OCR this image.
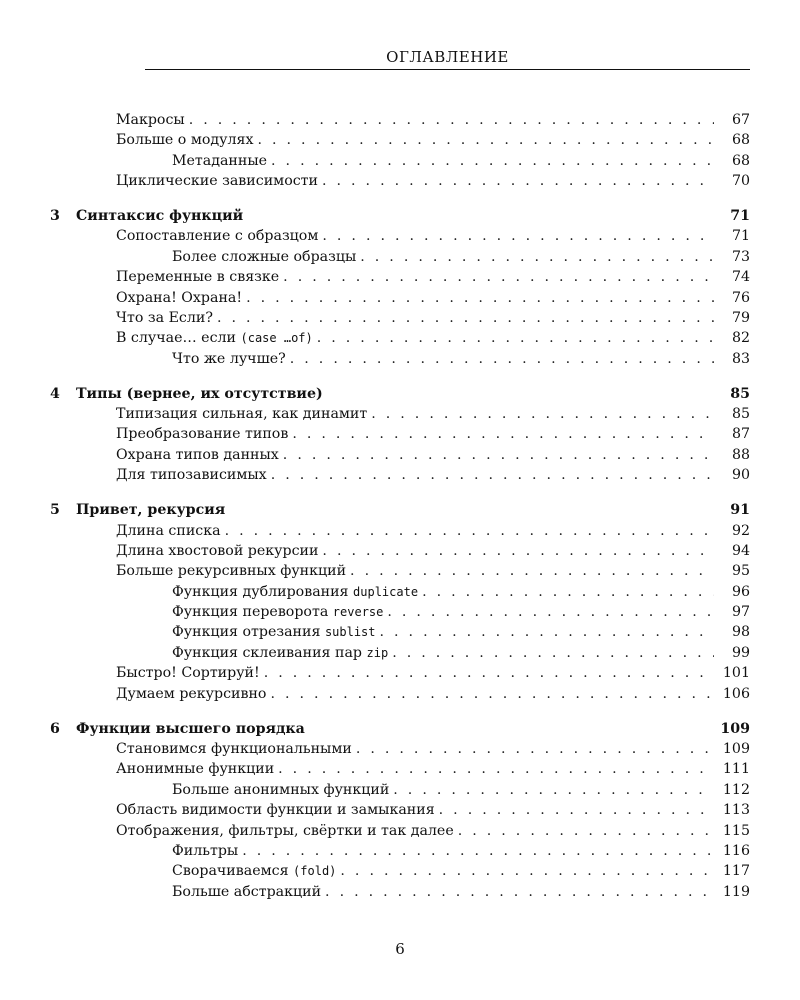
ОГЛАВЛЕНИЕ
Макросы . . .	67
Больше о модулях . . .	68
Метаданные . . .	68
Циклические зависимости . . .	70
3	Синтаксис функций	71
Сопоставление с образцом . . .	71
Более сложные образцы . . .	73
Переменные в связке . . .	74
Охрана! Охрана! . . .	76
Что за Если? . . .	79
В случае… если (case …of) . . .	82
Что же лучше? . . .	83
4	Типы (вернее, их отсутствие)	85
Типизация сильная, как динамит . . .	85
Преобразование типов . . .	87
Охрана типов данных . . .	88
Для типозависимых . . .	90
5	Привет, рекурсия	91
Длина списка . . .	92
Длина хвостовой рекурсии . . .	94
Больше рекурсивных функций . . .	95
Функция дублирования duplicate . . .	96
Функция переворота reverse . . .	97
Функция отрезания sublist . . .	98
Функция склеивания пар zip . . .	99
Быстро! Сортируй! . . .	101
Думаем рекурсивно . . .	106
6	Функции высшего порядка	109
Становимся функциональными . . .	109
Анонимные функции . . .	111
Больше анонимных функций . . .	112
Область видимости функции и замыкания . . .	113
Отображения, фильтры, свёртки и так далее . . .	115
Фильтры . . .	116
Сворачиваемся (fold) . . .	117
Больше абстракций . . .	119
6
